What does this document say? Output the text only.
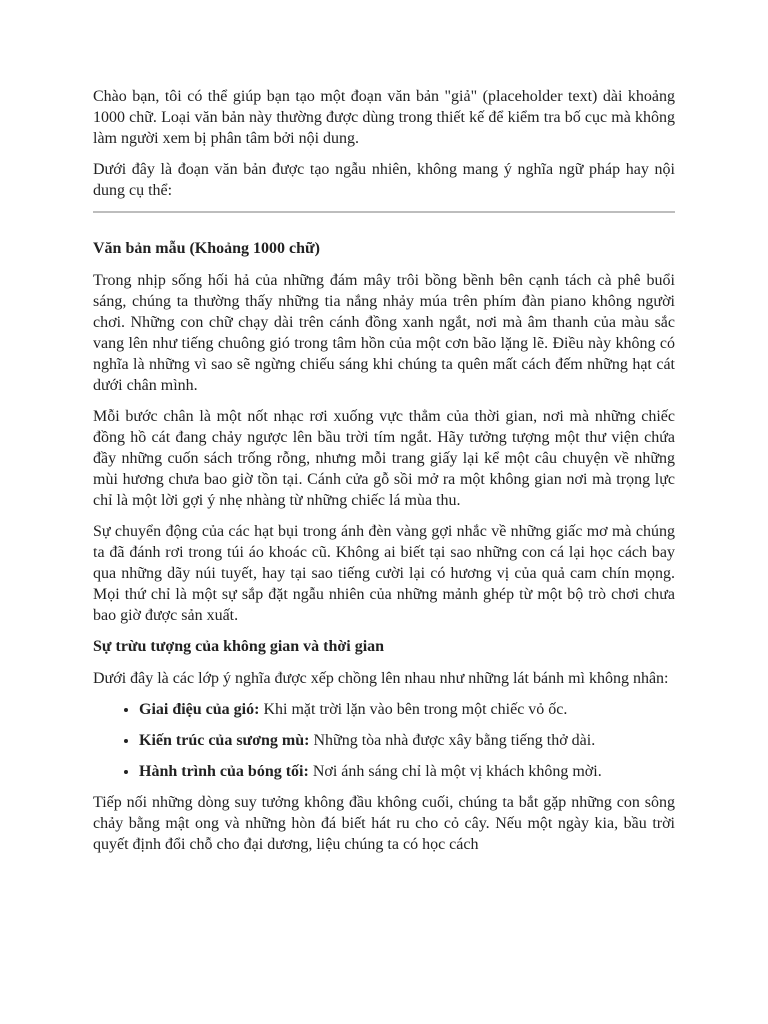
Chào bạn, tôi có thể giúp bạn tạo một đoạn văn bản "giả" (placeholder text) dài khoảng 1000 chữ. Loại văn bản này thường được dùng trong thiết kế để kiểm tra bố cục mà không làm người xem bị phân tâm bởi nội dung.

Dưới đây là đoạn văn bản được tạo ngẫu nhiên, không mang ý nghĩa ngữ pháp hay nội dung cụ thể:

Văn bản mẫu (Khoảng 1000 chữ)

Trong nhịp sống hối hả của những đám mây trôi bồng bềnh bên cạnh tách cà phê buổi sáng, chúng ta thường thấy những tia nắng nhảy múa trên phím đàn piano không người chơi. Những con chữ chạy dài trên cánh đồng xanh ngắt, nơi mà âm thanh của màu sắc vang lên như tiếng chuông gió trong tâm hồn của một cơn bão lặng lẽ. Điều này không có nghĩa là những vì sao sẽ ngừng chiếu sáng khi chúng ta quên mất cách đếm những hạt cát dưới chân mình.

Mỗi bước chân là một nốt nhạc rơi xuống vực thẳm của thời gian, nơi mà những chiếc đồng hồ cát đang chảy ngược lên bầu trời tím ngắt. Hãy tưởng tượng một thư viện chứa đầy những cuốn sách trống rỗng, nhưng mỗi trang giấy lại kể một câu chuyện về những mùi hương chưa bao giờ tồn tại. Cánh cửa gỗ sồi mở ra một không gian nơi mà trọng lực chỉ là một lời gợi ý nhẹ nhàng từ những chiếc lá mùa thu.

Sự chuyển động của các hạt bụi trong ánh đèn vàng gợi nhắc về những giấc mơ mà chúng ta đã đánh rơi trong túi áo khoác cũ. Không ai biết tại sao những con cá lại học cách bay qua những dãy núi tuyết, hay tại sao tiếng cười lại có hương vị của quả cam chín mọng. Mọi thứ chỉ là một sự sắp đặt ngẫu nhiên của những mảnh ghép từ một bộ trò chơi chưa bao giờ được sản xuất.

Sự trừu tượng của không gian và thời gian

Dưới đây là các lớp ý nghĩa được xếp chồng lên nhau như những lát bánh mì không nhân:

• Giai điệu của gió: Khi mặt trời lặn vào bên trong một chiếc vỏ ốc.
• Kiến trúc của sương mù: Những tòa nhà được xây bằng tiếng thở dài.
• Hành trình của bóng tối: Nơi ánh sáng chỉ là một vị khách không mời.

Tiếp nối những dòng suy tưởng không đầu không cuối, chúng ta bắt gặp những con sông chảy bằng mật ong và những hòn đá biết hát ru cho cỏ cây. Nếu một ngày kia, bầu trời quyết định đổi chỗ cho đại dương, liệu chúng ta có học cách
